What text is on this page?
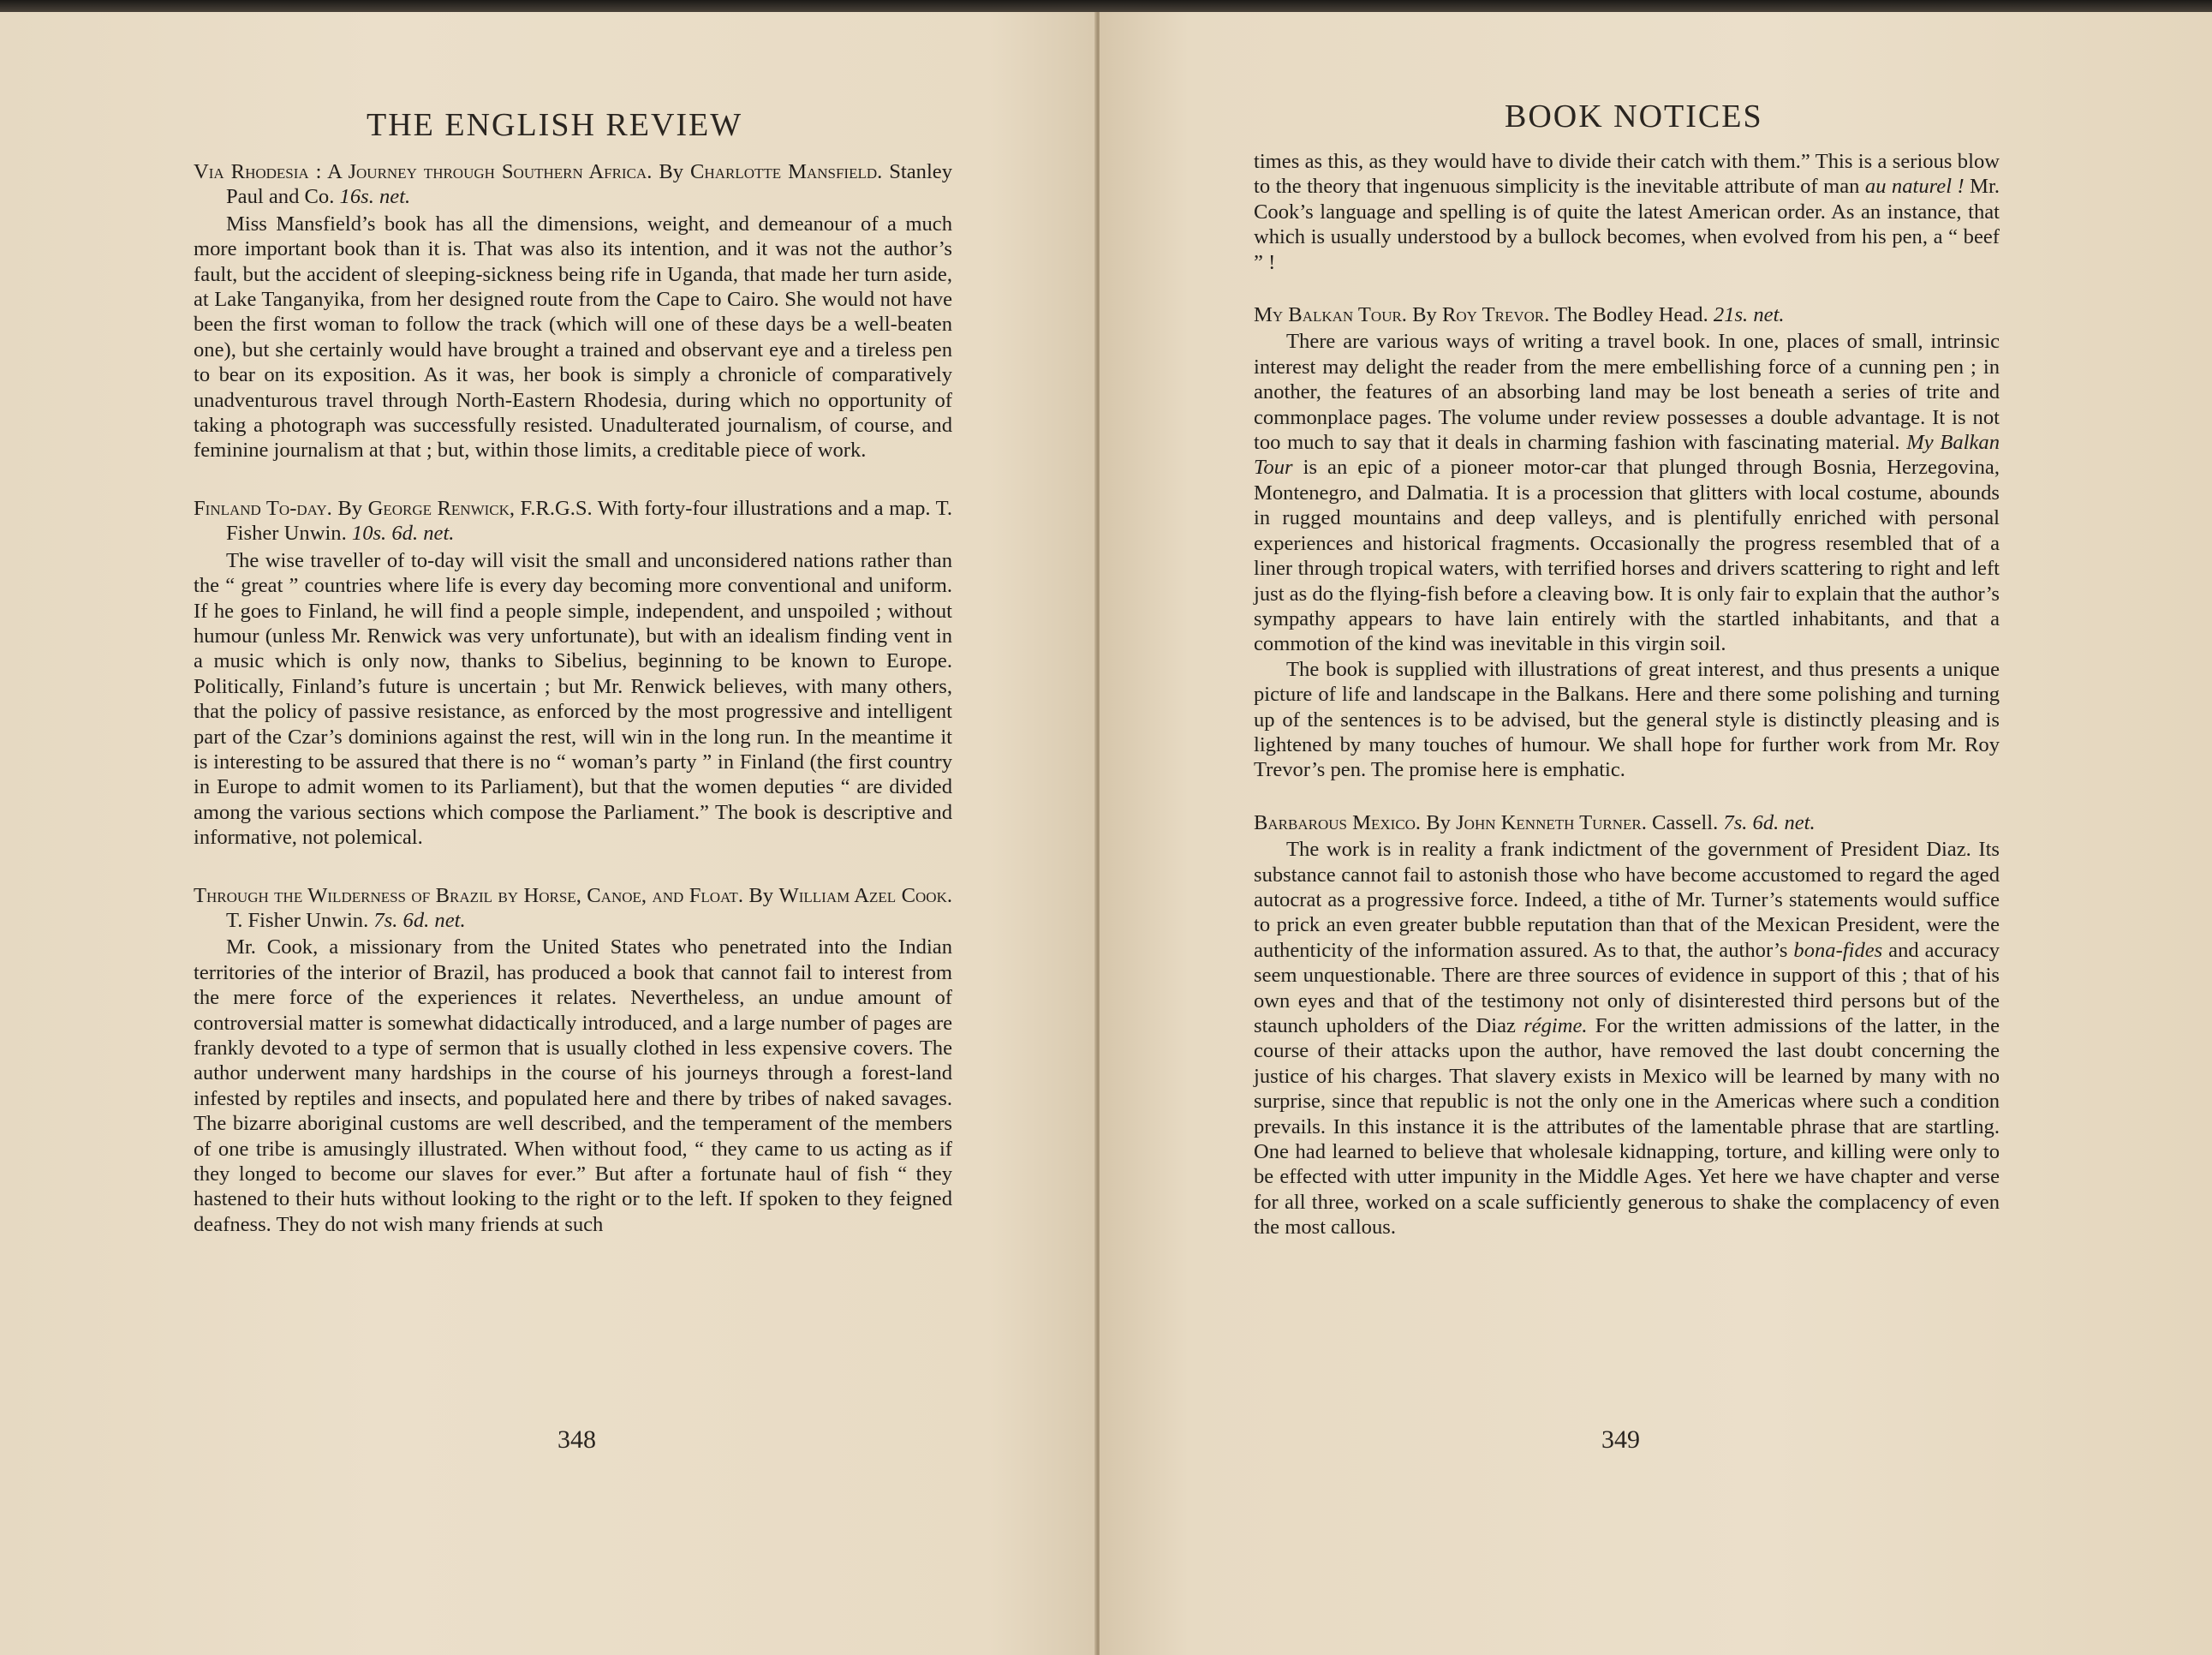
THE ENGLISH REVIEW
Via Rhodesia : A Journey through Southern Africa. By Charlotte Mansfield. Stanley Paul and Co. 16s. net.

Miss Mansfield’s book has all the dimensions, weight, and demeanour of a much more important book than it is. That was also its intention, and it was not the author’s fault, but the accident of sleeping-sickness being rife in Uganda, that made her turn aside, at Lake Tanganyika, from her designed route from the Cape to Cairo. She would not have been the first woman to follow the track (which will one of these days be a well-beaten one), but she certainly would have brought a trained and observant eye and a tireless pen to bear on its exposition. As it was, her book is simply a chronicle of comparatively unadventurous travel through North-Eastern Rhodesia, during which no opportunity of taking a photograph was successfully resisted. Unadulterated journalism, of course, and feminine journalism at that ; but, within those limits, a creditable piece of work.

Finland To-day. By George Renwick, F.R.G.S. With forty-four illustrations and a map. T. Fisher Unwin. 10s. 6d. net.

The wise traveller of to-day will visit the small and unconsidered nations rather than the “ great ” countries where life is every day becoming more conventional and uniform. If he goes to Finland, he will find a people simple, independent, and unspoiled ; without humour (unless Mr. Renwick was very unfortunate), but with an idealism finding vent in a music which is only now, thanks to Sibelius, beginning to be known to Europe. Politically, Finland’s future is uncertain ; but Mr. Renwick believes, with many others, that the policy of passive resistance, as enforced by the most progressive and intelligent part of the Czar’s dominions against the rest, will win in the long run. In the meantime it is interesting to be assured that there is no “ woman’s party ” in Finland (the first country in Europe to admit women to its Parliament), but that the women deputies “ are divided among the various sections which compose the Parliament.” The book is descriptive and informative, not polemical.

Through the Wilderness of Brazil by Horse, Canoe, and Float. By William Azel Cook. T. Fisher Unwin. 7s. 6d. net.

Mr. Cook, a missionary from the United States who penetrated into the Indian territories of the interior of Brazil, has produced a book that cannot fail to interest from the mere force of the experiences it relates. Nevertheless, an undue amount of controversial matter is somewhat didactically introduced, and a large number of pages are frankly devoted to a type of sermon that is usually clothed in less expensive covers. The author underwent many hardships in the course of his journeys through a forest-land infested by reptiles and insects, and populated here and there by tribes of naked savages. The bizarre aboriginal customs are well described, and the temperament of the members of one tribe is amusingly illustrated. When without food, “ they came to us acting as if they longed to become our slaves for ever.” But after a fortunate haul of fish “ they hastened to their huts without looking to the right or to the left. If spoken to they feigned deafness. They do not wish many friends at such

348
BOOK NOTICES

times as this, as they would have to divide their catch with them.” This is a serious blow to the theory that ingenuous simplicity is the inevitable attribute of man au naturel ! Mr. Cook’s language and spelling is of quite the latest American order. As an instance, that which is usually understood by a bullock becomes, when evolved from his pen, a “ beef ” !

My Balkan Tour. By Roy Trevor. The Bodley Head. 21s. net.

There are various ways of writing a travel book. In one, places of small, intrinsic interest may delight the reader from the mere embellishing force of a cunning pen ; in another, the features of an absorbing land may be lost beneath a series of trite and commonplace pages. The volume under review possesses a double advantage. It is not too much to say that it deals in charming fashion with fascinating material. My Balkan Tour is an epic of a pioneer motor-car that plunged through Bosnia, Herzegovina, Montenegro, and Dalmatia. It is a procession that glitters with local costume, abounds in rugged mountains and deep valleys, and is plentifully enriched with personal experiences and historical fragments. Occasionally the progress resembled that of a liner through tropical waters, with terrified horses and drivers scattering to right and left just as do the flying-fish before a cleaving bow. It is only fair to explain that the author’s sympathy appears to have lain entirely with the startled inhabitants, and that a commotion of the kind was inevitable in this virgin soil.

The book is supplied with illustrations of great interest, and thus presents a unique picture of life and landscape in the Balkans. Here and there some polishing and turning up of the sentences is to be advised, but the general style is distinctly pleasing and is lightened by many touches of humour. We shall hope for further work from Mr. Roy Trevor’s pen. The promise here is emphatic.

Barbarous Mexico. By John Kenneth Turner. Cassell. 7s. 6d. net.

The work is in reality a frank indictment of the government of President Diaz. Its substance cannot fail to astonish those who have become accustomed to regard the aged autocrat as a progressive force. Indeed, a tithe of Mr. Turner’s statements would suffice to prick an even greater bubble reputation than that of the Mexican President, were the authenticity of the information assured. As to that, the author’s bona-fides and accuracy seem unquestionable. There are three sources of evidence in support of this ; that of his own eyes and that of the testimony not only of disinterested third persons but of the staunch upholders of the Diaz régime. For the written admissions of the latter, in the course of their attacks upon the author, have removed the last doubt concerning the justice of his charges. That slavery exists in Mexico will be learned by many with no surprise, since that republic is not the only one in the Americas where such a condition prevails. In this instance it is the attributes of the lamentable phrase that are startling. One had learned to believe that wholesale kidnapping, torture, and killing were only to be effected with utter impunity in the Middle Ages. Yet here we have chapter and verse for all three, worked on a scale sufficiently generous to shake the complacency of even the most callous.

349
